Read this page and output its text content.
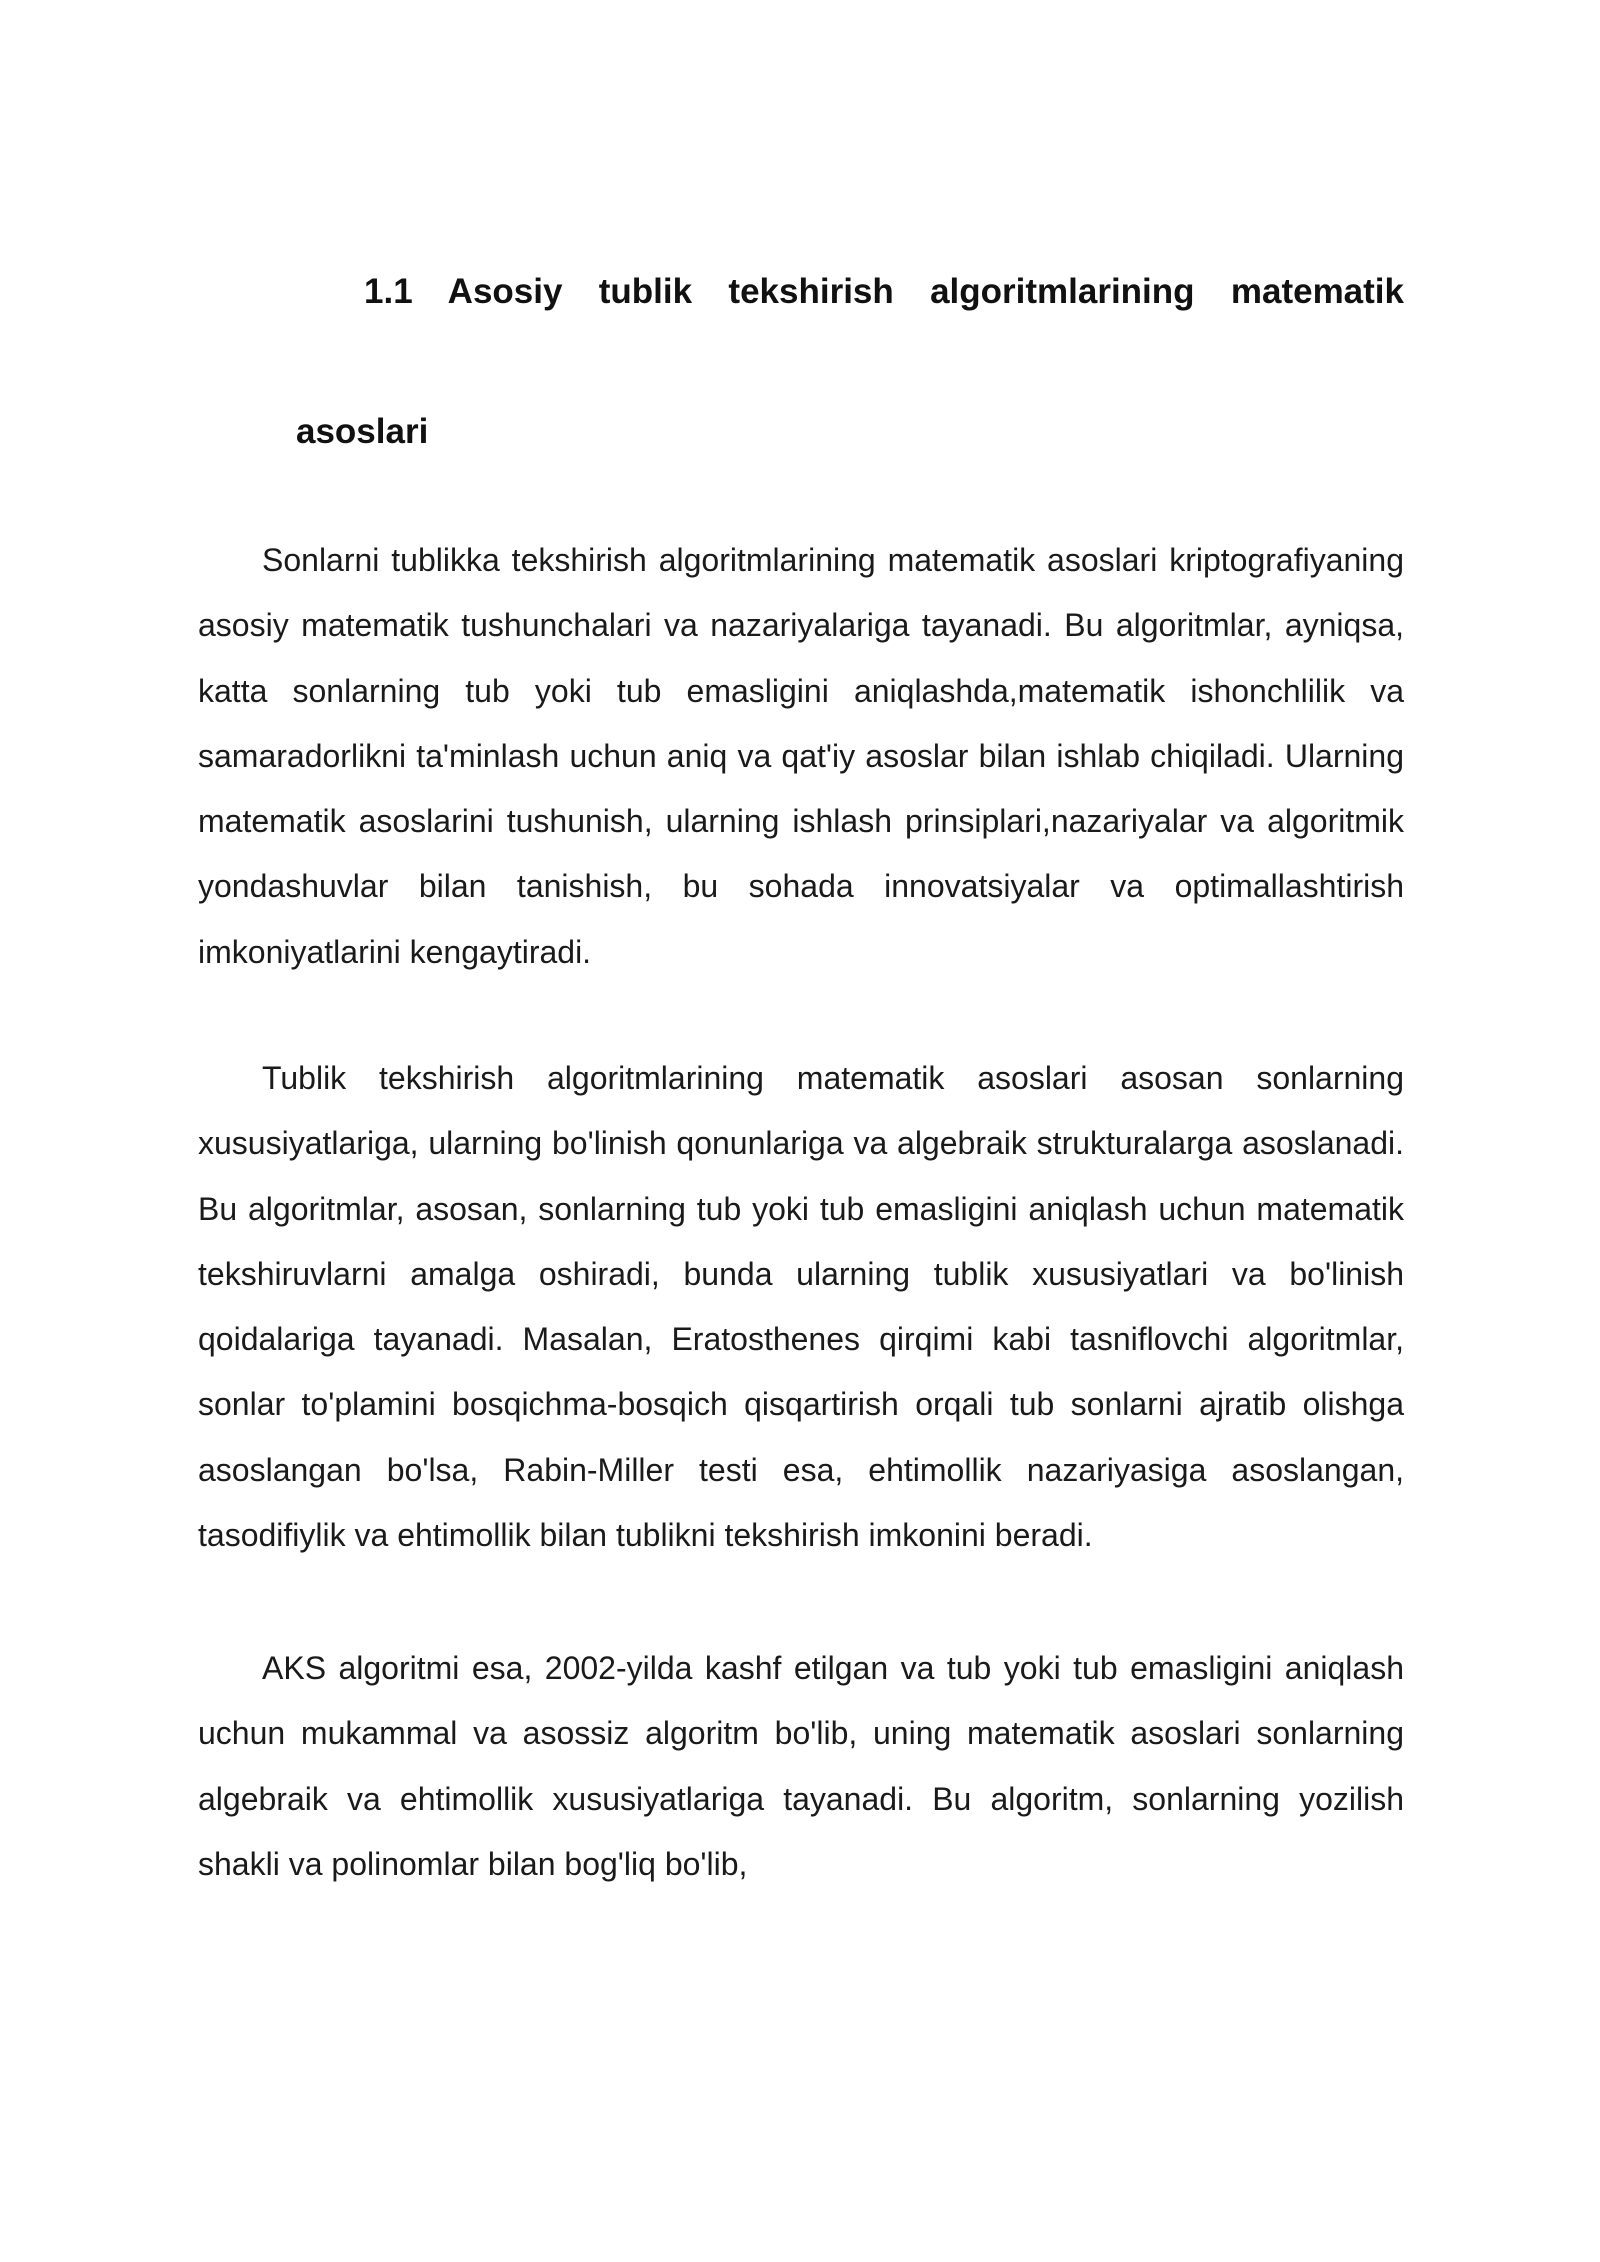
1.1 Asosiy tublik tekshirish algoritmlarining matematik
asoslari

Sonlarni tublikka tekshirish algoritmlarining matematik asoslari kriptografiyaning asosiy matematik tushunchalari va nazariyalariga tayanadi. Bu algoritmlar, ayniqsa, katta sonlarning tub yoki tub emasligini aniqlashda,matematik ishonchlilik va samaradorlikni ta'minlash uchun aniq va qat'iy asoslar bilan ishlab chiqiladi. Ularning matematik asoslarini tushunish, ularning ishlash prinsiplari,nazariyalar va algoritmik yondashuvlar bilan tanishish, bu sohada innovatsiyalar va optimallashtirish imkoniyatlarini kengaytiradi.

Tublik tekshirish algoritmlarining matematik asoslari asosan sonlarning xususiyatlariga, ularning bo'linish qonunlariga va algebraik strukturalarga asoslanadi. Bu algoritmlar, asosan, sonlarning tub yoki tub emasligini aniqlash uchun matematik tekshiruvlarni amalga oshiradi, bunda ularning tublik xususiyatlari va bo'linish qoidalariga tayanadi. Masalan, Eratosthenes qirqimi kabi tasniflovchi algoritmlar, sonlar to'plamini bosqichma-bosqich qisqartirish orqali tub sonlarni ajratib olishga asoslangan bo'lsa, Rabin-Miller testi esa, ehtimollik nazariyasiga asoslangan, tasodifiylik va ehtimollik bilan tublikni tekshirish imkonini beradi.

AKS algoritmi esa, 2002-yilda kashf etilgan va tub yoki tub emasligini aniqlash uchun mukammal va asossiz algoritm bo'lib, uning matematik asoslari sonlarning algebraik va ehtimollik xususiyatlariga tayanadi. Bu algoritm, sonlarning yozilish shakli va polinomlar bilan bog'liq bo'lib,
